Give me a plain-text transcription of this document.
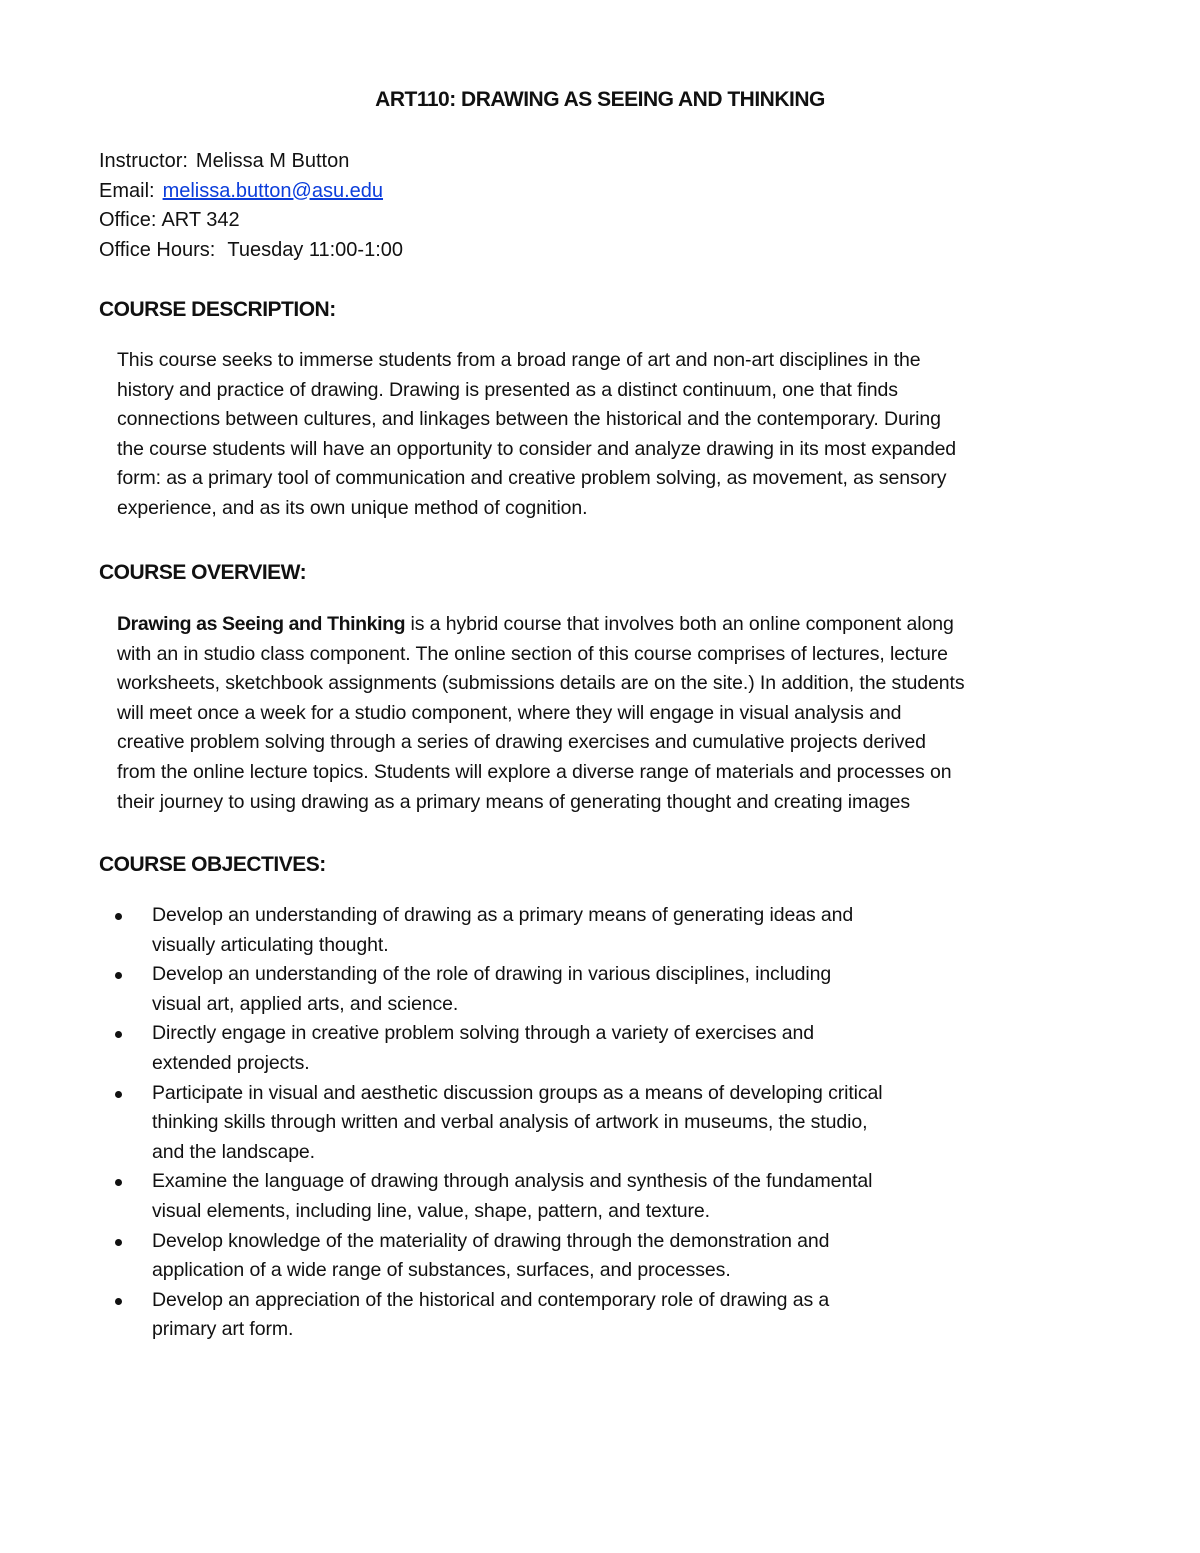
ART110: DRAWING AS SEEING AND THINKING
Instructor: Melissa M Button
Email: melissa.button@asu.edu
Office: ART 342
Office Hours: Tuesday 11:00-1:00
COURSE DESCRIPTION:
This course seeks to immerse students from a broad range of art and non-art disciplines in the
history and practice of drawing. Drawing is presented as a distinct continuum, one that finds
connections between cultures, and linkages between the historical and the contemporary. During
the course students will have an opportunity to consider and analyze drawing in its most expanded
form: as a primary tool of communication and creative problem solving, as movement, as sensory
experience, and as its own unique method of cognition.
COURSE OVERVIEW:
Drawing as Seeing and Thinking is a hybrid course that involves both an online component along
with an in studio class component. The online section of this course comprises of lectures, lecture
worksheets, sketchbook assignments (submissions details are on the site.) In addition, the students
will meet once a week for a studio component, where they will engage in visual analysis and
creative problem solving through a series of drawing exercises and cumulative projects derived
from the online lecture topics. Students will explore a diverse range of materials and processes on
their journey to using drawing as a primary means of generating thought and creating images
COURSE OBJECTIVES:
Develop an understanding of drawing as a primary means of generating ideas and
visually articulating thought.
Develop an understanding of the role of drawing in various disciplines, including
visual art, applied arts, and science.
Directly engage in creative problem solving through a variety of exercises and
extended projects.
Participate in visual and aesthetic discussion groups as a means of developing critical
thinking skills through written and verbal analysis of artwork in museums, the studio,
and the landscape.
Examine the language of drawing through analysis and synthesis of the fundamental
visual elements, including line, value, shape, pattern, and texture.
Develop knowledge of the materiality of drawing through the demonstration and
application of a wide range of substances, surfaces, and processes.
Develop an appreciation of the historical and contemporary role of drawing as a
primary art form.
